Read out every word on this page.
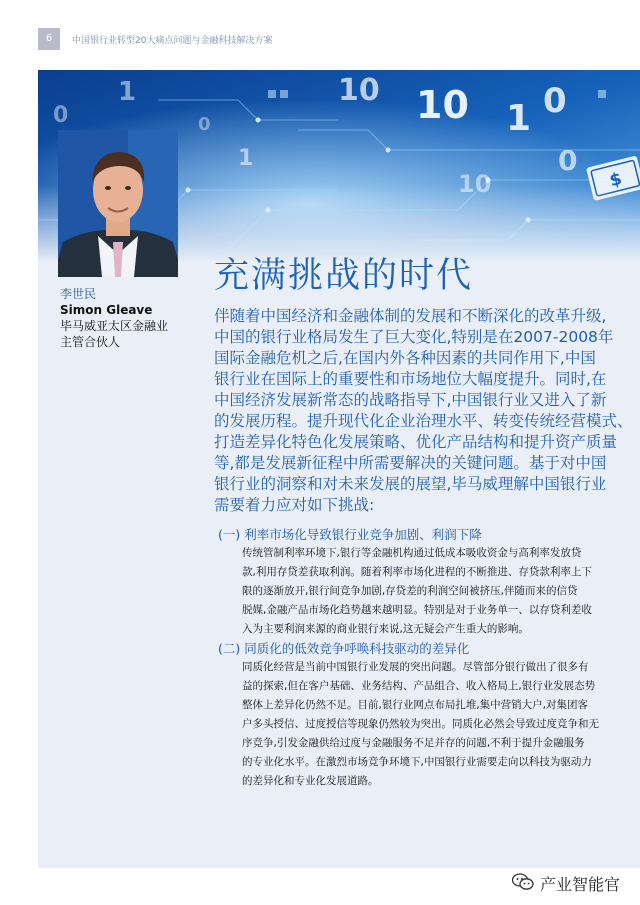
6	中国银行业转型20大痛点问题与金融科技解决方案
李世民
Simon Gleave
毕马威亚太区金融业
主管合伙人
充满挑战的时代

伴随着中国经济和金融体制的发展和不断深化的改革升级,

中国的银行业格局发生了巨大变化,特别是在2007-2008年

国际金融危机之后,在国内外各种因素的共同作用下,中国

银行业在国际上的重要性和市场地位大幅度提升。同时,在

中国经济发展新常态的战略指导下,中国银行业又进入了新

的发展历程。提升现代化企业治理水平、转变传统经营模式、

打造差异化特色化发展策略、优化产品结构和提升资产质量

等,都是发展新征程中所需要解决的关键问题。基于对中国

银行业的洞察和对未来发展的展望,毕马威理解中国银行业

需要着力应对如下挑战:

(一) 利率市场化导致银行业竞争加剧、利润下降

传统管制利率环境下,银行等金融机构通过低成本吸收资金与高利率发放贷

款,利用存贷差获取利润。随着利率市场化进程的不断推进、存贷款利率上下

限的逐渐放开,银行间竞争加剧,存贷差的利润空间被挤压,伴随而来的信贷

脱媒,金融产品市场化趋势越来越明显。特别是对于业务单一、以存贷利差收

入为主要利润来源的商业银行来说,这无疑会产生重大的影响。

(二) 同质化的低效竞争呼唤科技驱动的差异化

同质化经营是当前中国银行业发展的突出问题。尽管部分银行做出了很多有

益的探索,但在客户基础、业务结构、产品组合、收入格局上,银行业发展态势

整体上差异化仍然不足。目前,银行业网点布局扎堆,集中营销大户,对集团客

户多头授信、过度授信等现象仍然较为突出。同质化必然会导致过度竞争和无

序竞争,引发金融供给过度与金融服务不足并存的问题,不利于提升金融服务

的专业化水平。在激烈市场竞争环境下,中国银行业需要走向以科技为驱动力

的差异化和专业化发展道路。

产业智能官
